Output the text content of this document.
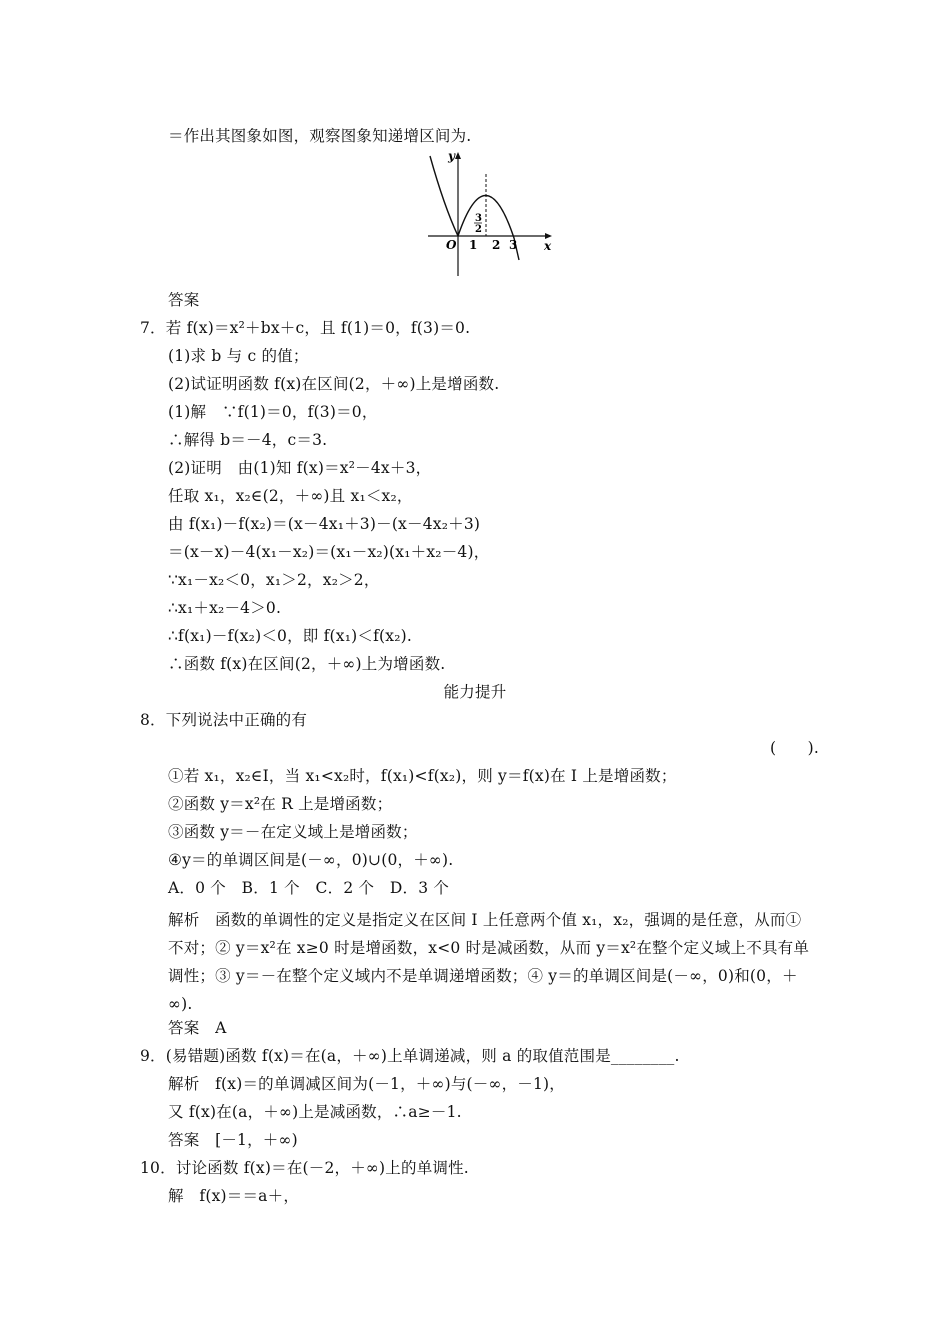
＝作出其图象如图，观察图象知递增区间为.
y
x
O 1 2 3
3
2
答案
7．若 f(x)＝x²＋bx＋c，且 f(1)＝0，f(3)＝0.
(1)求 b 与 c 的值；
(2)试证明函数 f(x)在区间(2，＋∞)上是增函数.
(1)解　∵f(1)＝0，f(3)＝0，
∴解得 b＝－4，c＝3.
(2)证明　由(1)知 f(x)＝x²－4x＋3，
任取 x₁，x₂∈(2，＋∞)且 x₁＜x₂，
由 f(x₁)－f(x₂)＝(x－4x₁＋3)－(x－4x₂＋3)
＝(x－x)－4(x₁－x₂)＝(x₁－x₂)(x₁＋x₂－4)，
∵x₁－x₂＜0，x₁＞2，x₂＞2，
∴x₁＋x₂－4＞0.
∴f(x₁)－f(x₂)＜0，即 f(x₁)＜f(x₂).
∴函数 f(x)在区间(2，＋∞)上为增函数.
能力提升
8．下列说法中正确的有
(　　).
①若 x₁，x₂∈I，当 x₁<x₂时，f(x₁)<f(x₂)，则 y＝f(x)在 I 上是增函数；
②函数 y＝x²在 R 上是增函数；
③函数 y＝－在定义域上是增函数；
④y＝的单调区间是(－∞，0)∪(0，＋∞).
A．0 个　B．1 个　C．2 个　D．3 个
解析　函数的单调性的定义是指定义在区间 I 上任意两个值 x₁，x₂，强调的是任意，从而①不对；② y＝x²在 x≥0 时是增函数，x<0 时是减函数，从而 y＝x²在整个定义域上不具有单调性；③ y＝－在整个定义域内不是单调递增函数；④ y＝的单调区间是(－∞，0)和(0，＋∞).
答案　A
9．(易错题)函数 f(x)＝在(a，＋∞)上单调递减，则 a 的取值范围是________.
解析　f(x)＝的单调减区间为(－1，＋∞)与(－∞，－1)，
又 f(x)在(a，＋∞)上是减函数，∴a≥－1.
答案　[－1，＋∞)
10．讨论函数 f(x)＝在(－2，＋∞)上的单调性.
解　f(x)＝＝a＋，
